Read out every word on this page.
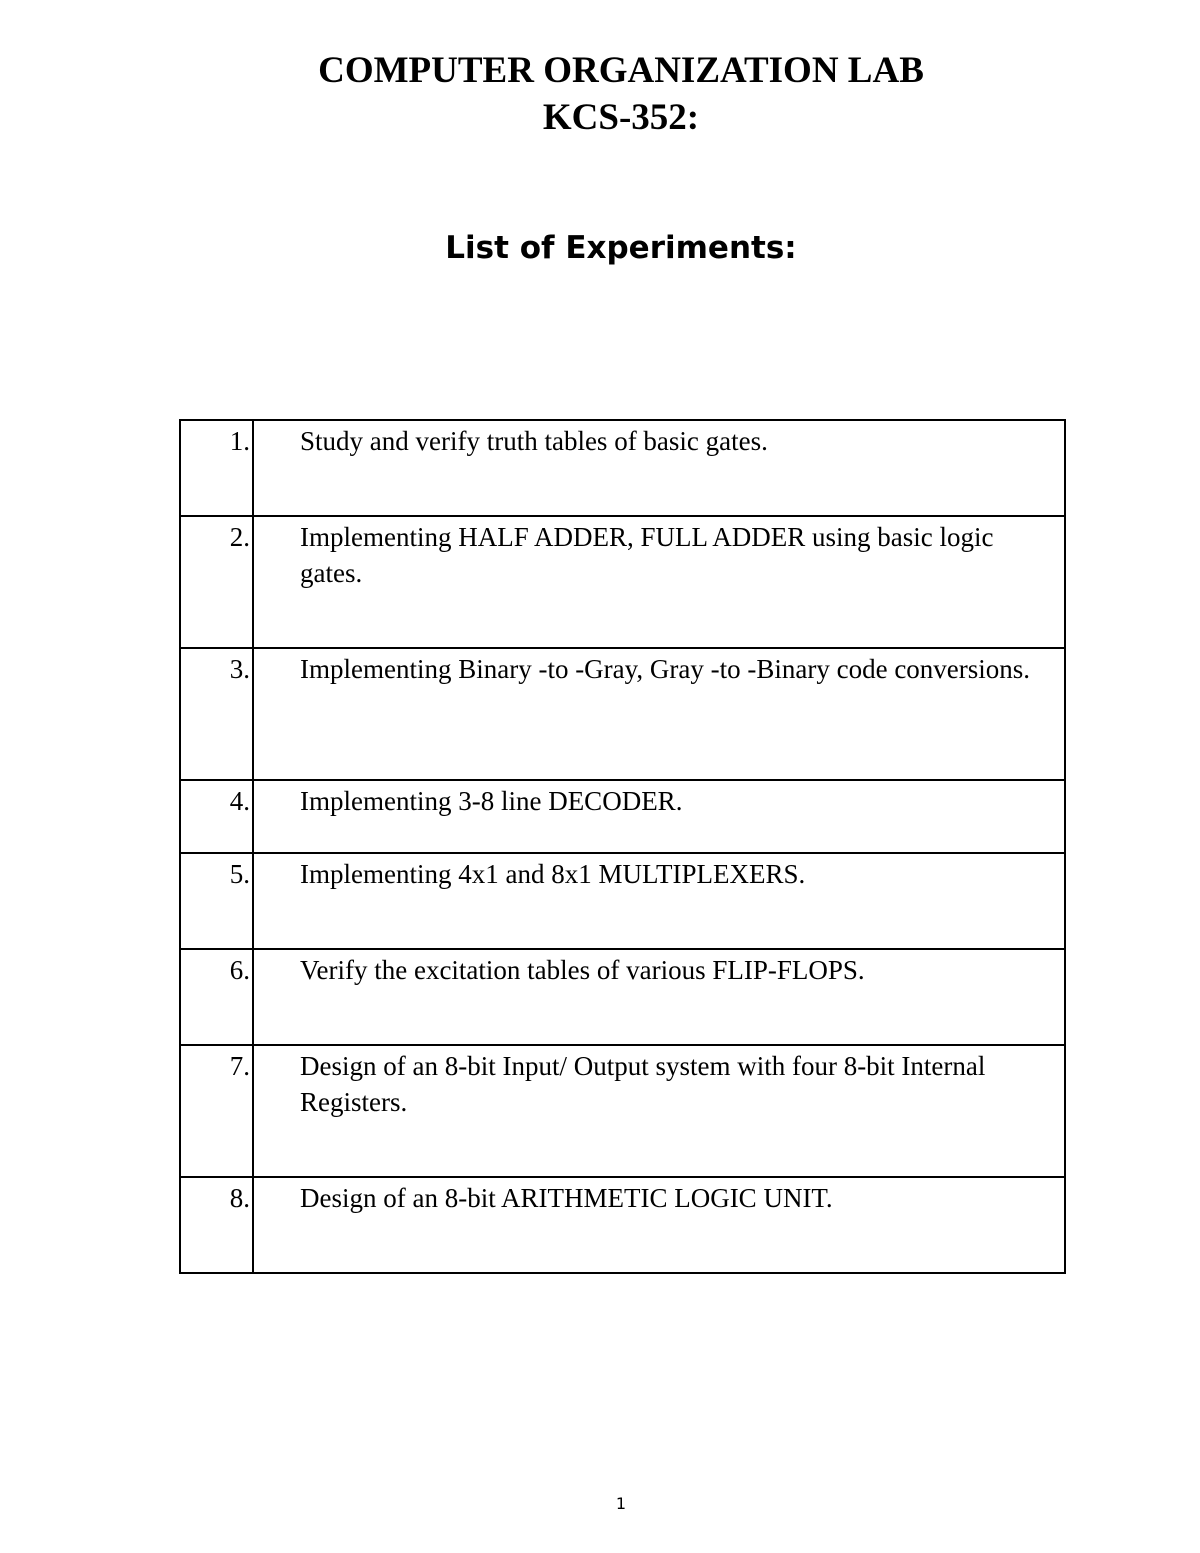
COMPUTER ORGANIZATION LAB
KCS-352:
List of Experiments:
1.	Study and verify truth tables of basic gates.
2.	Implementing HALF ADDER, FULL ADDER using basic logic gates.
3.	Implementing Binary -to -Gray, Gray -to -Binary code conversions.
4.	Implementing 3-8 line DECODER.
5.	Implementing 4x1 and 8x1 MULTIPLEXERS.
6.	Verify the excitation tables of various FLIP-FLOPS.
7.	Design of an 8-bit Input/ Output system with four 8-bit Internal Registers.
8.	Design of an 8-bit ARITHMETIC LOGIC UNIT.
1
